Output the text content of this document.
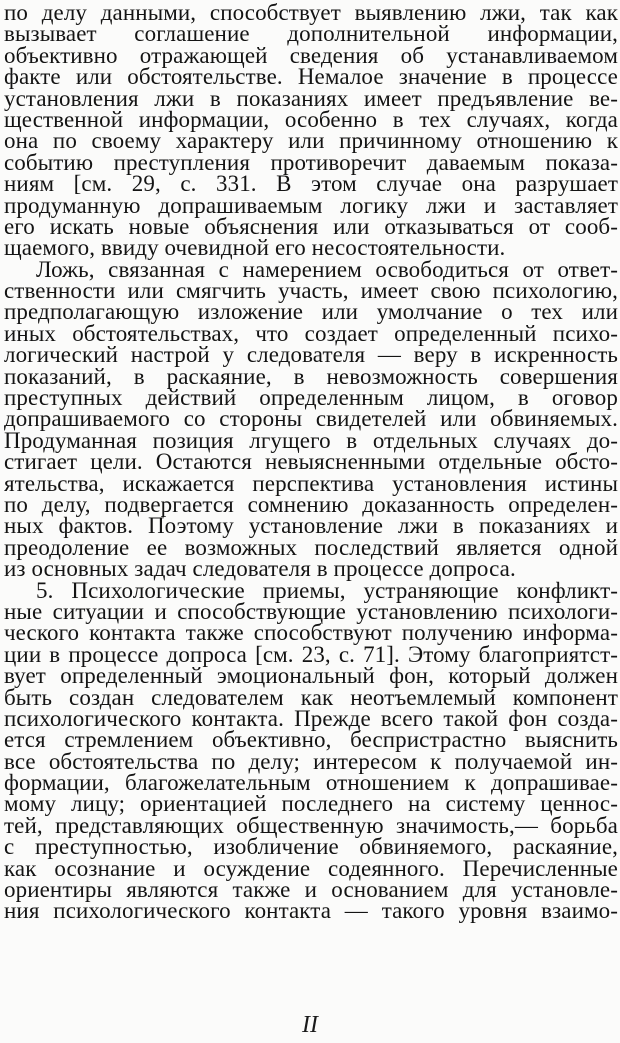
по делу данными, способствует выявлению лжи, так как
вызывает соглашение дополнительной информации,
объективно отражающей сведения об устанавливаемом
факте или обстоятельстве. Немалое значение в процессе
установления лжи в показаниях имеет предъявление ве-
щественной информации, особенно в тех случаях, когда
она по своему характеру или причинному отношению к
событию преступления противоречит даваемым показа-
ниям [см. 29, с. 331. В этом случае она разрушает
продуманную допрашиваемым логику лжи и заставляет
его искать новые объяснения или отказываться от сооб-
щаемого, ввиду очевидной его несостоятельности.
Ложь, связанная с намерением освободиться от ответ-
ственности или смягчить участь, имеет свою психологию,
предполагающую изложение или умолчание о тех или
иных обстоятельствах, что создает определенный психо-
логический настрой у следователя — веру в искренность
показаний, в раскаяние, в невозможность совершения
преступных действий определенным лицом, в оговор
допрашиваемого со стороны свидетелей или обвиняемых.
Продуманная позиция лгущего в отдельных случаях до-
стигает цели. Остаются невыясненными отдельные обсто-
ятельства, искажается перспектива установления истины
по делу, подвергается сомнению доказанность определен-
ных фактов. Поэтому установление лжи в показаниях и
преодоление ее возможных последствий является одной
из основных задач следователя в процессе допроса.
5. Психологические приемы, устраняющие конфликт-
ные ситуации и способствующие установлению психологи-
ческого контакта также способствуют получению информа-
ции в процессе допроса [см. 23, с. 71]. Этому благоприятст-
вует определенный эмоциональный фон, который должен
быть создан следователем как неотъемлемый компонент
психологического контакта. Прежде всего такой фон созда-
ется стремлением объективно, беспристрастно выяснить
все обстоятельства по делу; интересом к получаемой ин-
формации, благожелательным отношением к допрашивае-
мому лицу; ориентацией последнего на систему ценнос-
тей, представляющих общественную значимость,— борьба
с преступностью, изобличение обвиняемого, раскаяние,
как осознание и осуждение содеянного. Перечисленные
ориентиры являются также и основанием для установле-
ния психологического контакта — такого уровня взаимо-
II
